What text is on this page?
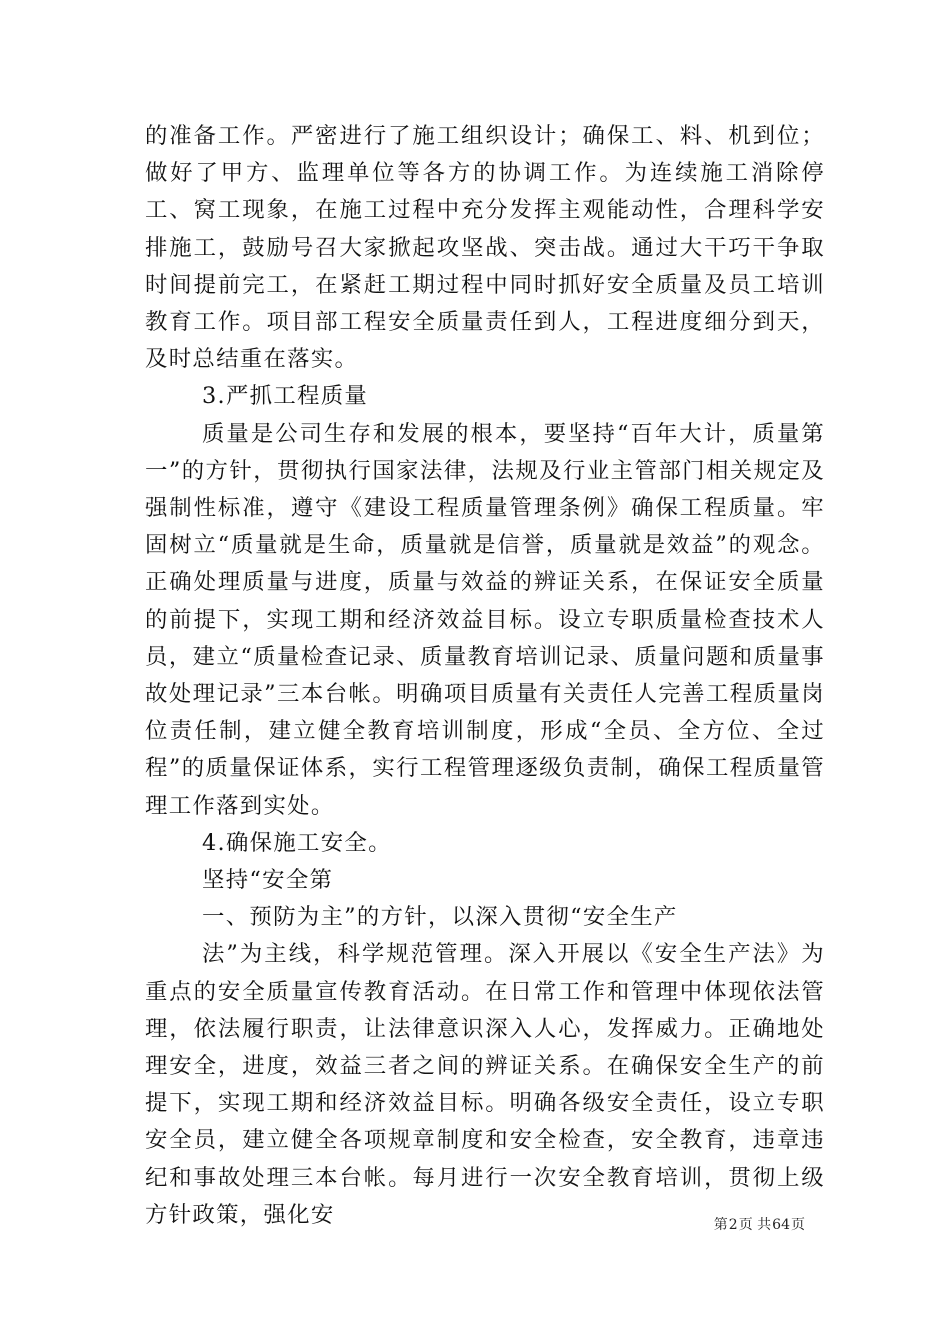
的准备工作。严密进行了施工组织设计；确保工、料、机到位；做好了甲方、监理单位等各方的协调工作。为连续施工消除停工、窝工现象，在施工过程中充分发挥主观能动性，合理科学安排施工，鼓励号召大家掀起攻坚战、突击战。通过大干巧干争取时间提前完工，在紧赶工期过程中同时抓好安全质量及员工培训教育工作。项目部工程安全质量责任到人，工程进度细分到天，及时总结重在落实。

3.严抓工程质量

质量是公司生存和发展的根本，要坚持“百年大计，质量第一”的方针，贯彻执行国家法律，法规及行业主管部门相关规定及强制性标准，遵守《建设工程质量管理条例》确保工程质量。牢固树立“质量就是生命，质量就是信誉，质量就是效益”的观念。正确处理质量与进度，质量与效益的辨证关系，在保证安全质量的前提下，实现工期和经济效益目标。设立专职质量检查技术人员，建立“质量检查记录、质量教育培训记录、质量问题和质量事故处理记录”三本台帐。明确项目质量有关责任人完善工程质量岗位责任制，建立健全教育培训制度，形成“全员、全方位、全过程”的质量保证体系，实行工程管理逐级负责制，确保工程质量管理工作落到实处。

4.确保施工安全。

坚持“安全第

一、预防为主”的方针，以深入贯彻“安全生产

法”为主线，科学规范管理。深入开展以《安全生产法》为重点的安全质量宣传教育活动。在日常工作和管理中体现依法管理，依法履行职责，让法律意识深入人心，发挥威力。正确地处理安全，进度，效益三者之间的辨证关系。在确保安全生产的前提下，实现工期和经济效益目标。明确各级安全责任，设立专职安全员，建立健全各项规章制度和安全检查，安全教育，违章违纪和事故处理三本台帐。每月进行一次安全教育培训，贯彻上级方针政策，强化安	第2页 共64页
